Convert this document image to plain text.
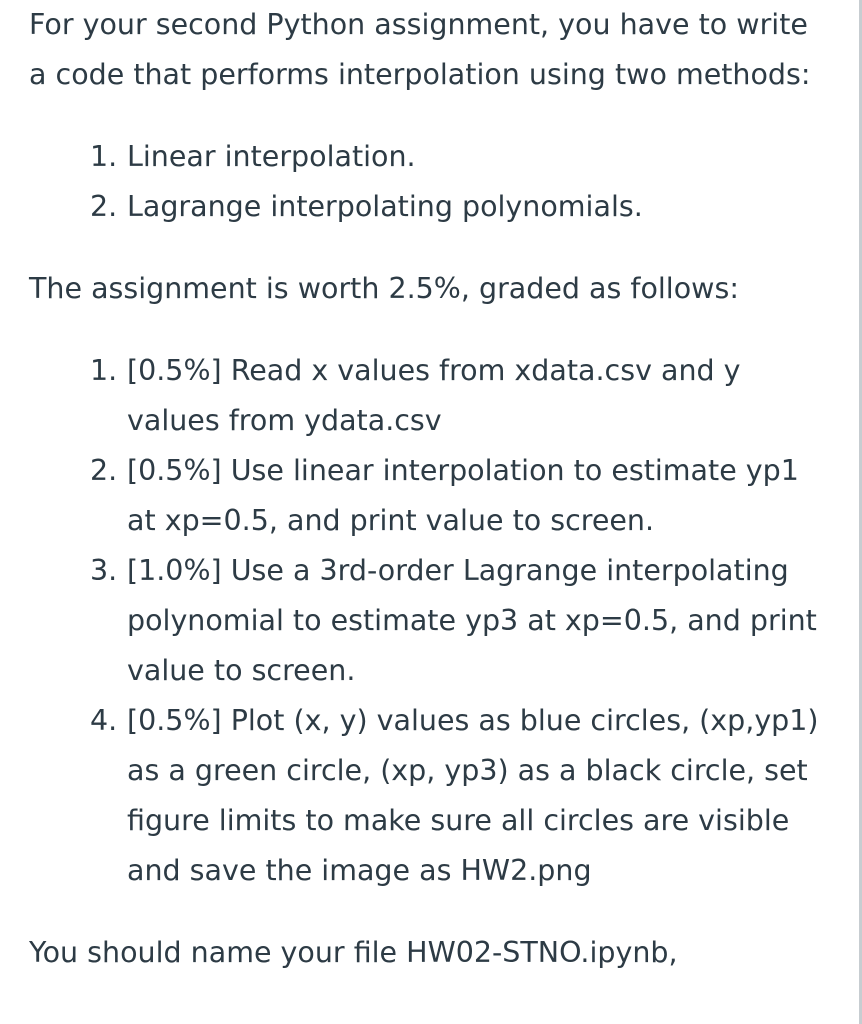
For your second Python assignment, you have to write a code that performs interpolation using two methods:

1. Linear interpolation.
2. Lagrange interpolating polynomials.

The assignment is worth 2.5%, graded as follows:

1. [0.5%] Read x values from xdata.csv and y values from ydata.csv
2. [0.5%] Use linear interpolation to estimate yp1 at xp=0.5, and print value to screen.
3. [1.0%] Use a 3rd-order Lagrange interpolating polynomial to estimate yp3 at xp=0.5, and print value to screen.
4. [0.5%] Plot (x, y) values as blue circles, (xp,yp1) as a green circle, (xp, yp3) as a black circle, set figure limits to make sure all circles are visible and save the image as HW2.png

You should name your file HW02-STNO.ipynb,
